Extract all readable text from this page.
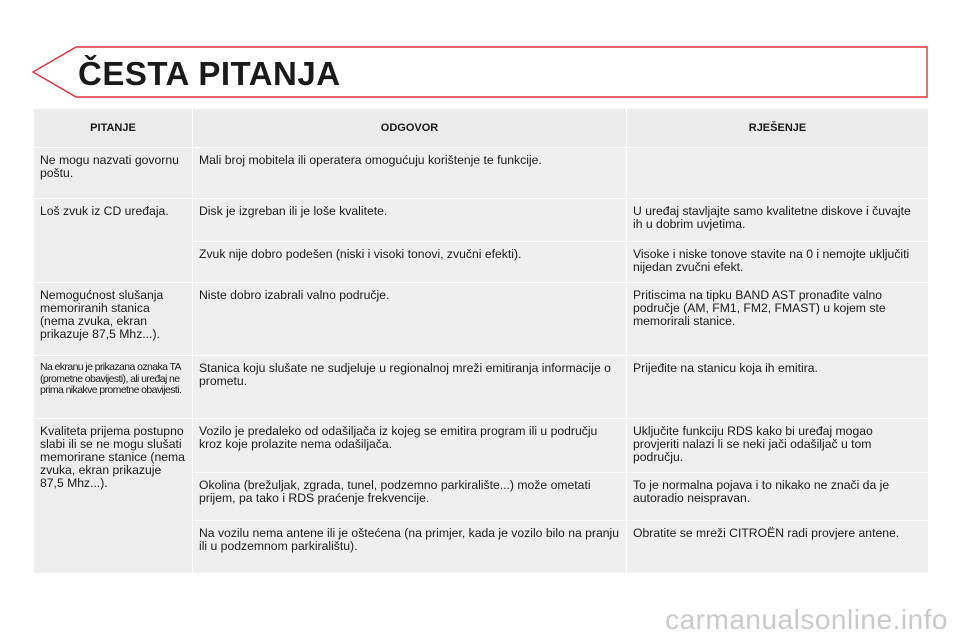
ČESTA PITANJA
PITANJE	ODGOVOR	RJEŠENJE
Ne mogu nazvati govornu poštu.	Mali broj mobitela ili operatera omogućuju korištenje te funkcije.	
Loš zvuk iz CD uređaja.	Disk je izgreban ili je loše kvalitete.	U uređaj stavljajte samo kvalitetne diskove i čuvajte ih u dobrim uvjetima.
	Zvuk nije dobro podešen (niski i visoki tonovi, zvučni efekti).	Visoke i niske tonove stavite na 0 i nemojte uključiti nijedan zvučni efekt.
Nemogućnost slušanja memoriranih stanica (nema zvuka, ekran prikazuje 87,5 Mhz...).	Niste dobro izabrali valno područje.	Pritiscima na tipku BAND AST pronađite valno područje (AM, FM1, FM2, FMAST) u kojem ste memorirali stanice.
Na ekranu je prikazana oznaka TA (prometne obavijesti), ali uređaj ne prima nikakve prometne obavijesti.	Stanica koju slušate ne sudjeluje u regionalnoj mreži emitiranja informacije o prometu.	Prijeđite na stanicu koja ih emitira.
Kvaliteta prijema postupno slabi ili se ne mogu slušati memorirane stanice (nema zvuka, ekran prikazuje 87,5 Mhz...).	Vozilo je predaleko od odašiljača iz kojeg se emitira program ili u području kroz koje prolazite nema odašiljača.	Uključite funkciju RDS kako bi uređaj mogao provjeriti nalazi li se neki jači odašiljač u tom području.
	Okolina (brežuljak, zgrada, tunel, podzemno parkiralište...) može ometati prijem, pa tako i RDS praćenje frekvencije.	To je normalna pojava i to nikako ne znači da je autoradio neispravan.
	Na vozilu nema antene ili je oštećena (na primjer, kada je vozilo bilo na pranju ili u podzemnom parkiralištu).	Obratite se mreži CITROËN radi provjere antene.
carmanualsonline.info
